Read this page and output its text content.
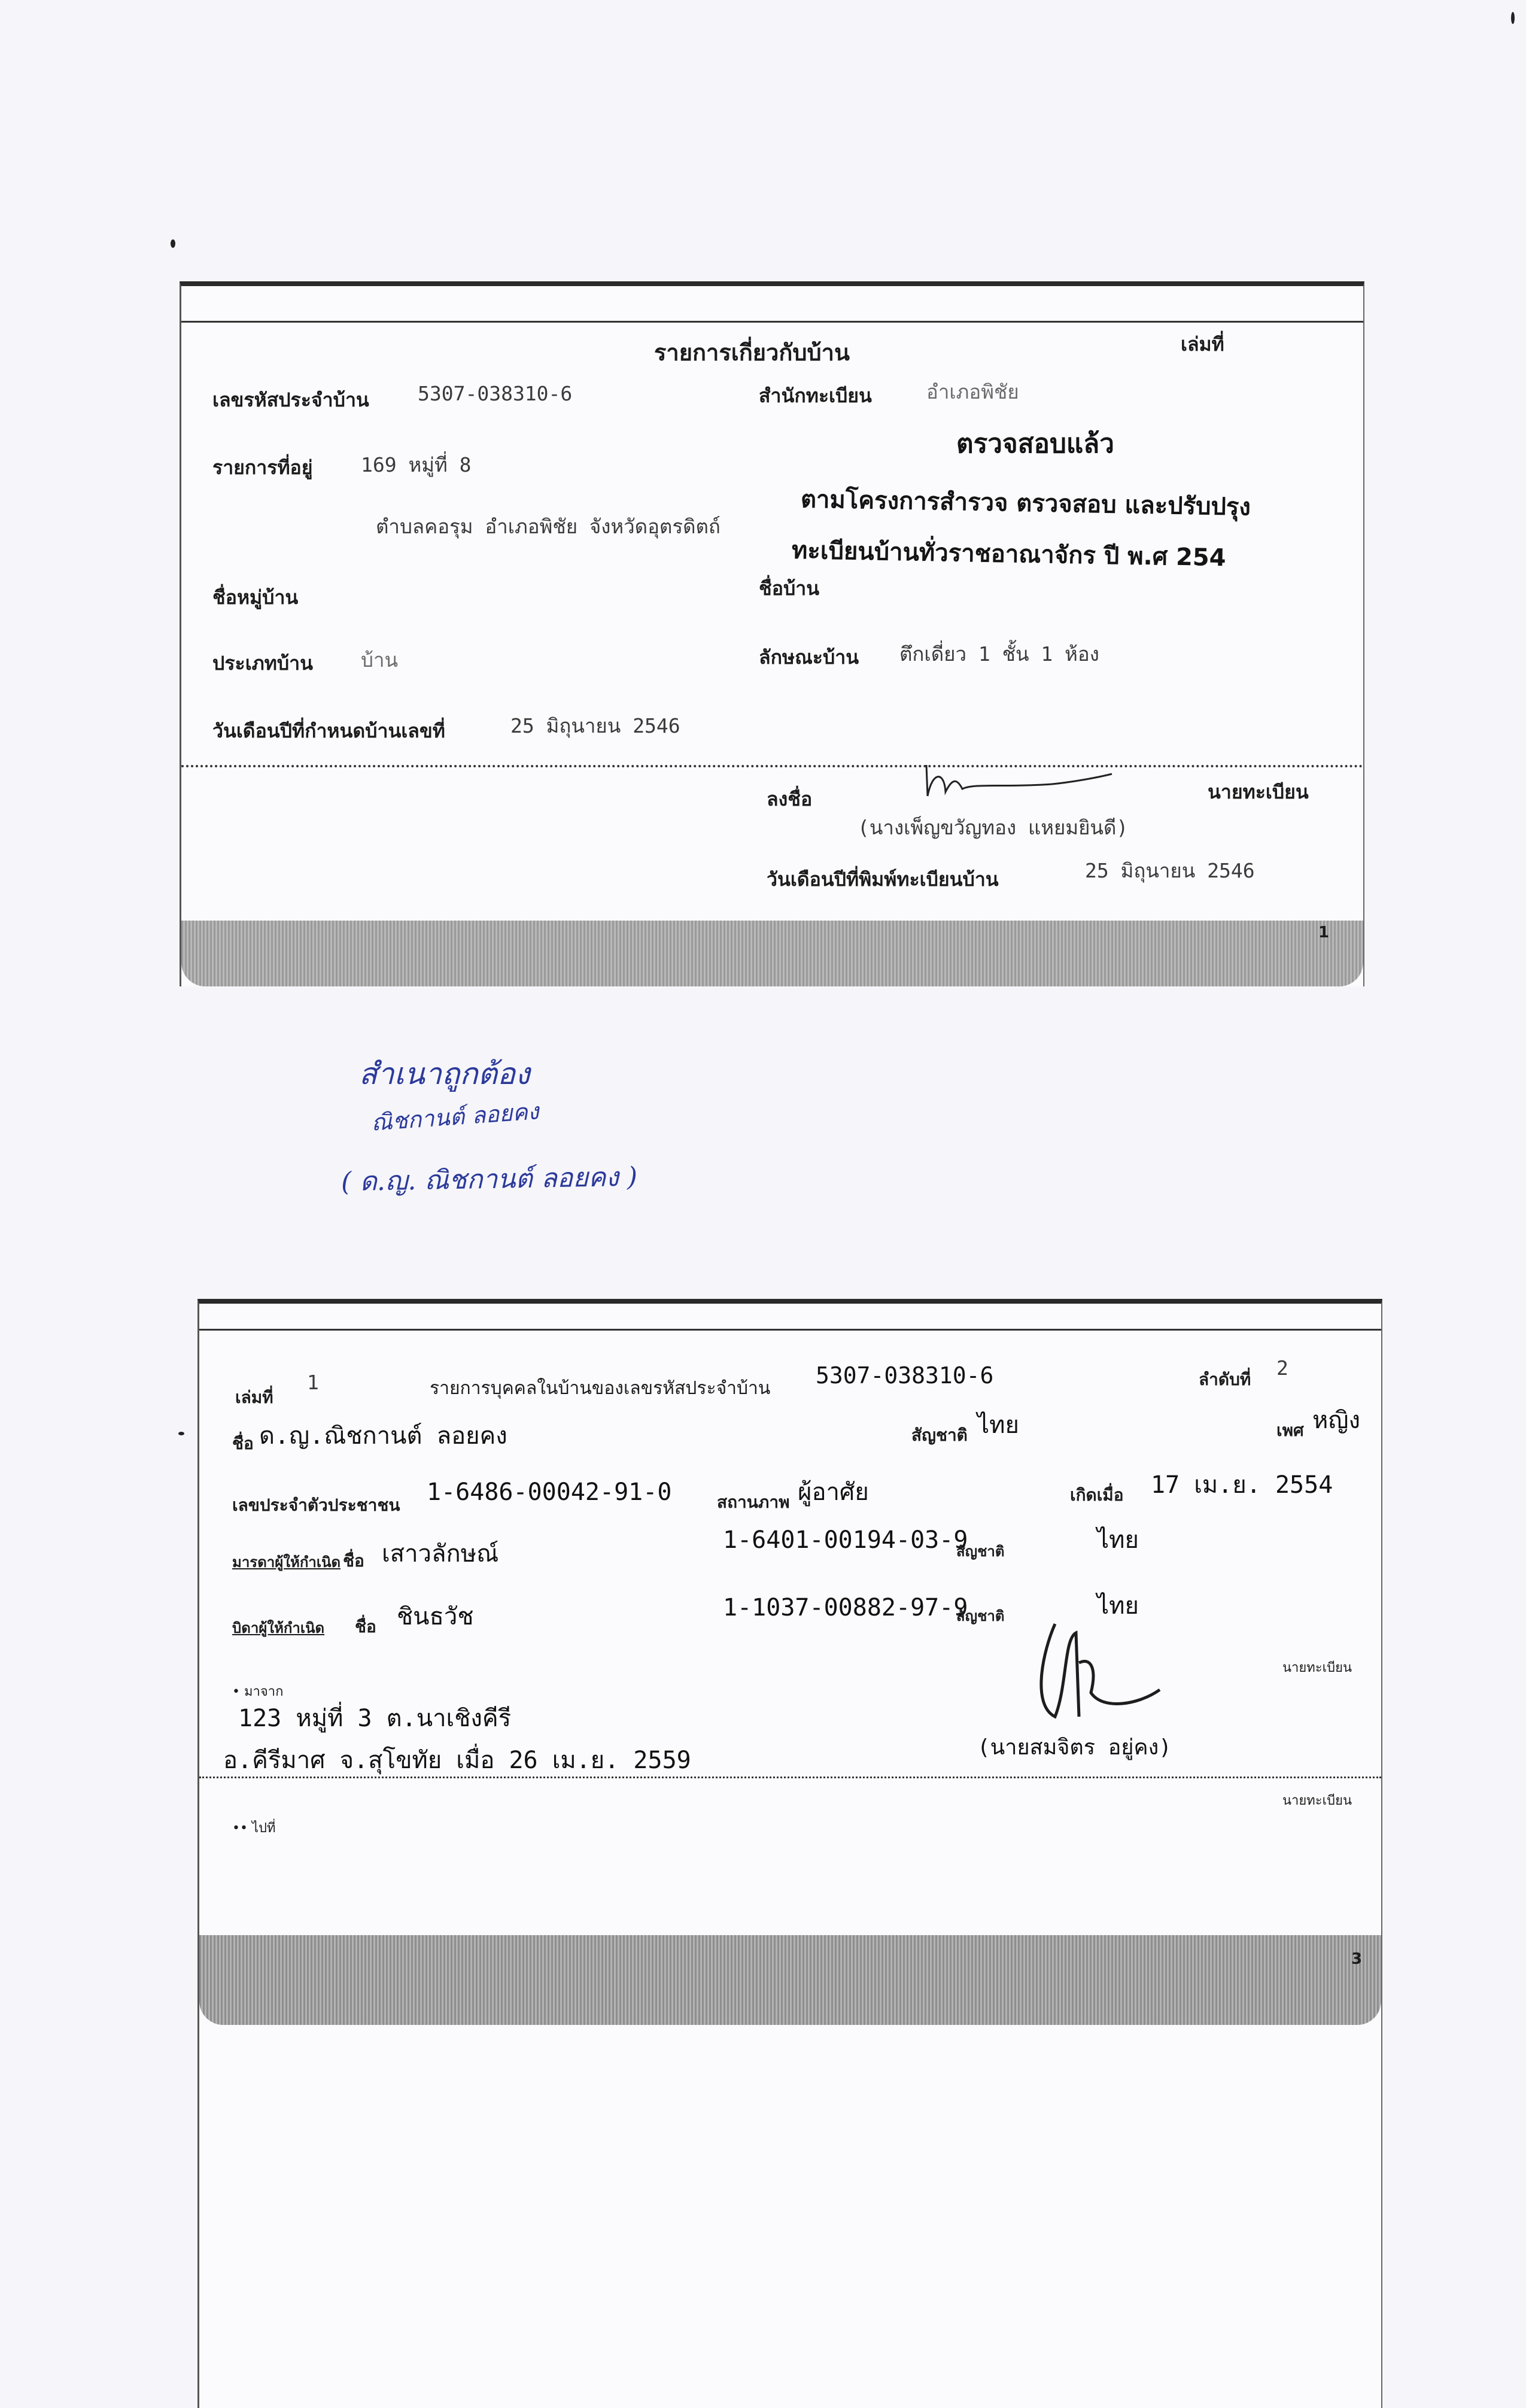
รายการเกี่ยวกับบ้าน	เล่มที่
เลขรหัสประจำบ้าน 5307-038310-6	สำนักทะเบียน	อำเภอพิชัย
รายการที่อยู่ 169 หมู่ที่ 8
ตำบลคอรุม อำเภอพิชัย จังหวัดอุตรดิตถ์
ชื่อหมู่บ้าน	ชื่อบ้าน
ประเภทบ้าน บ้าน	ลักษณะบ้าน ตึกเดี่ยว 1 ชั้น 1 ห้อง
วันเดือนปีที่กำหนดบ้านเลขที่	25 มิถุนายน 2546
ลงชื่อ	นายทะเบียน
(นางเพ็ญขวัญทอง แหยมยินดี)
วันเดือนปีที่พิมพ์ทะเบียนบ้าน	25 มิถุนายน 2546
1
ตรวจสอบแล้ว
ตามโครงการสำรวจ ตรวจสอบ และปรับปรุง
ทะเบียนบ้านทั่วราชอาณาจักร ปี พ.ศ 254
สำเนาถูกต้อง
ณิชกานต์ ลอยคง
( ด.ญ. ณิชกานต์ ลอยคง )
เล่มที่
1	รายการบุคคลในบ้านของเลขรหัสประจำบ้าน 5307-038310-6	ลำดับที่ 2
ชื่อ ด.ญ.ณิชกานต์ ลอยคง	สัญชาติ ไทย	เพศ หญิง
เลขประจำตัวประชาชน 1-6486-00042-91-0	สถานภาพ ผู้อาศัย	เกิดเมื่อ 17 เม.ย. 2554
มารดาผู้ให้กำเนิด ชื่อ เสาวลักษณ์	1-6401-00194-03-9
สัญชาติ	ไทย
บิดาผู้ให้กำเนิด ชื่อ ชินธวัช	1-1037-00882-97-9
สัญชาติ	ไทย
• มาจาก
123 หมู่ที่ 3 ต.นาเชิงคีรี
อ.คีรีมาศ จ.สุโขทัย เมื่อ 26 เม.ย. 2559
นายทะเบียน
(นายสมจิตร อยู่คง)
นายทะเบียน
•• ไปที่
3
